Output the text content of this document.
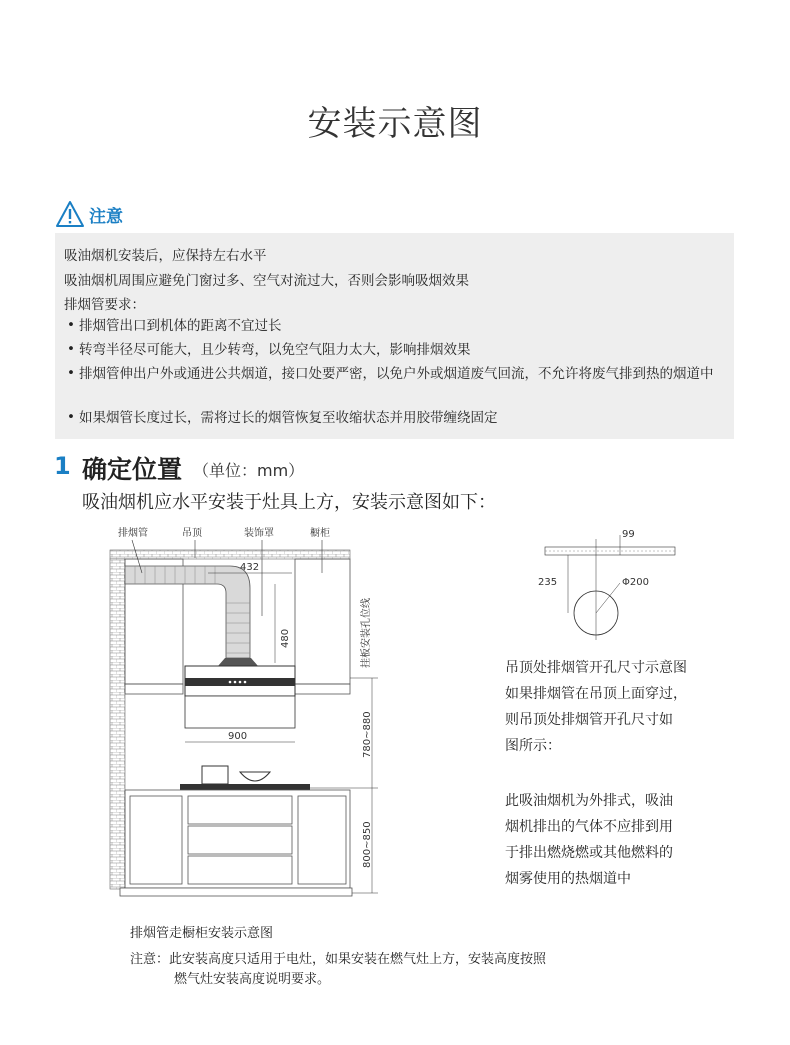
安装示意图
注意
吸油烟机安装后，应保持左右水平
吸油烟机周围应避免门窗过多、空气对流过大，否则会影响吸烟效果
排烟管要求：
• 排烟管出口到机体的距离不宜过长
• 转弯半径尽可能大，且少转弯，以免空气阻力太大，影响排烟效果
• 排烟管伸出户外或通进公共烟道，接口处要严密，以免户外或烟道废气回流，不允许将废气排到热的烟道中
• 如果烟管长度过长，需将过长的烟管恢复至收缩状态并用胶带缠绕固定
1 确定位置 （单位：mm）
吸油烟机应水平安装于灶具上方，安装示意图如下：
排烟管	吊顶	装饰罩	橱柜
432
480
900
挂板安装孔位线
780~880
800~850
排烟管走橱柜安装示意图
99
Φ200
235
吊顶处排烟管开孔尺寸示意图
如果排烟管在吊顶上面穿过，
则吊顶处排烟管开孔尺寸如
图所示：
此吸油烟机为外排式，吸油
烟机排出的气体不应排到用
于排出燃烧燃或其他燃料的
烟雾使用的热烟道中
注意：此安装高度只适用于电灶，如果安装在燃气灶上方，安装高度按照
燃气灶安装高度说明要求。
